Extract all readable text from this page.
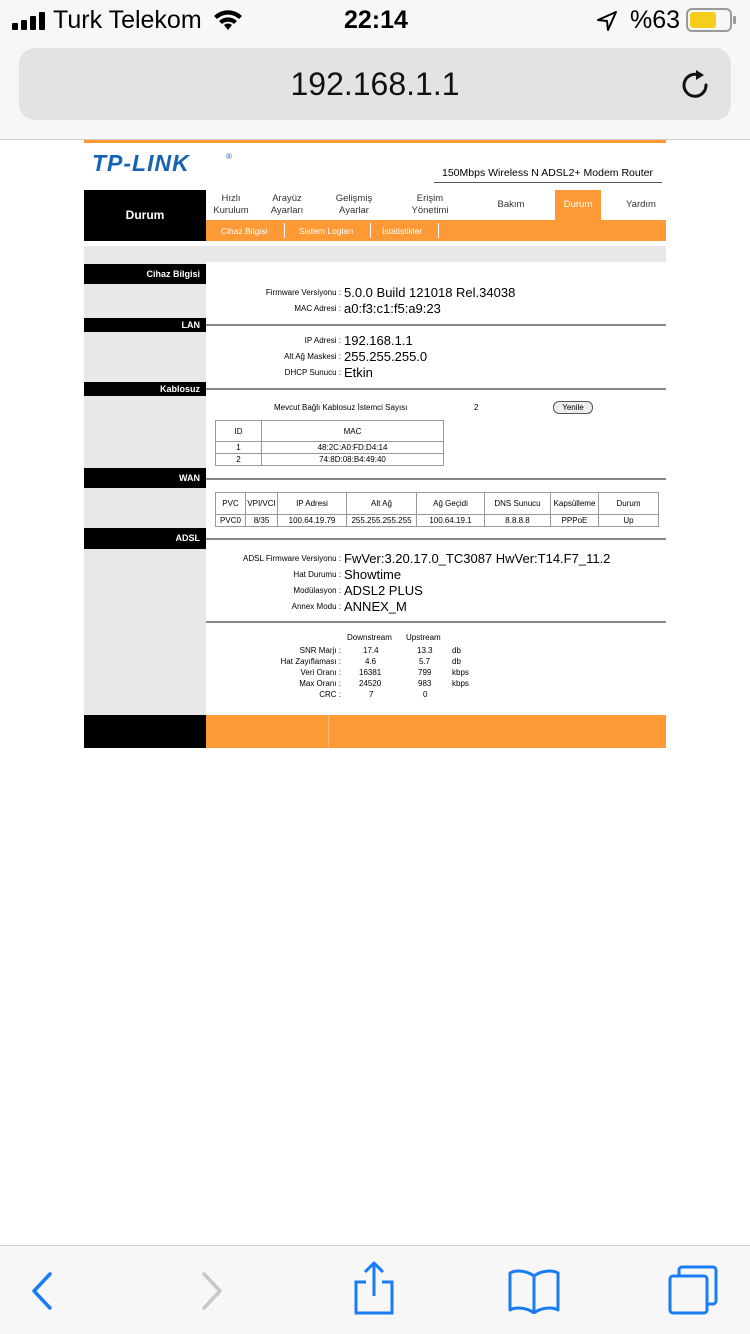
Turk Telekom	22:14	%63
192.168.1.1
TP-LINK	®
150Mbps Wireless N ADSL2+ Modem Router
Durum
Hızlı
Kurulum
Arayüz
Ayarları
Gelişmiş
Ayarlar
Erişim
Yönetimi
Bakım	Durum	Yardım
Cihaz Bilgisi	Sistem Logları	İstatistikler
Cihaz Bilgisi
Firmware Versiyonu : 5.0.0 Build 121018 Rel.34038
MAC Adresi : a0:f3:c1:f5:a9:23
LAN
IP Adresi : 192.168.1.1
Alt Ağ Maskesi : 255.255.255.0
DHCP Sunucu : Etkin
Kablosuz
Mevcut Bağlı Kablosuz İstemci Sayısı	2	Yenile
ID	MAC
1	48:2C:A0:FD:D4:14
2	74:8D:08:B4:49:40
WAN
PVC	VPI/VCI	IP Adresi	Alt Ağ	Ağ Geçidi	DNS Sunucu	Kapsülleme	Durum
PVC0	8/35	100.64.19.79	255.255.255.255	100.64.19.1	8.8.8.8	PPPoE	Up
ADSL
ADSL Firmware Versiyonu : FwVer:3.20.17.0_TC3087 HwVer:T14.F7_11.2
Hat Durumu : Showtime
Modülasyon : ADSL2 PLUS
Annex Modu : ANNEX_M
Downstream Upstream
SNR Marjı :	17.4	13.3 db
Hat Zayıflaması :	4.6	5.7	db
Veri Oranı : 16381	799	kbps
Max Oranı : 24520	983	kbps
CRC :	7	0
